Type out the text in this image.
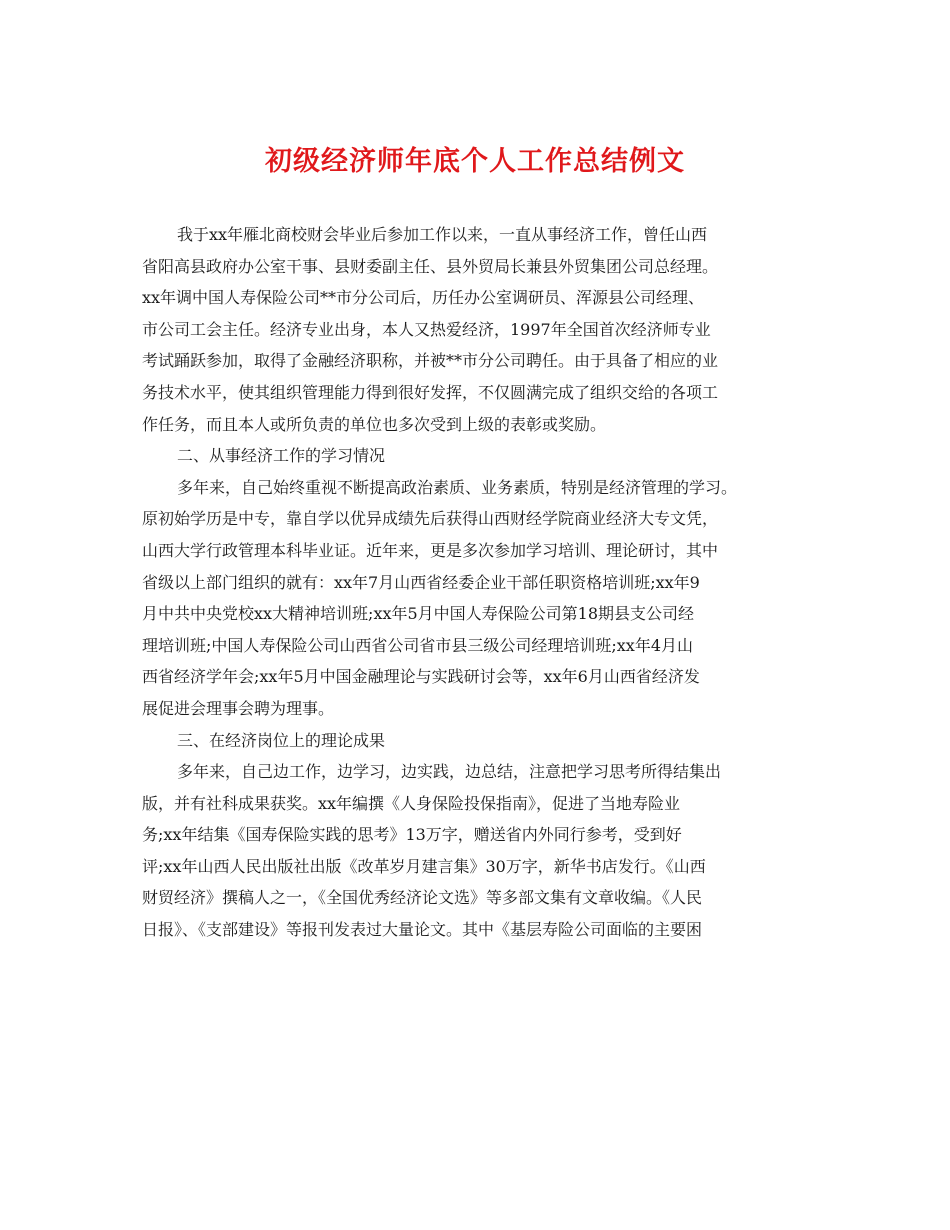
初级经济师年底个人工作总结例文
我于xx年雁北商校财会毕业后参加工作以来，一直从事经济工作，曾任山西
省阳高县政府办公室干事、县财委副主任、县外贸局长兼县外贸集团公司总经理。
xx年调中国人寿保险公司**市分公司后，历任办公室调研员、浑源县公司经理、
市公司工会主任。经济专业出身，本人又热爱经济，1997年全国首次经济师专业
考试踊跃参加，取得了金融经济职称，并被**市分公司聘任。由于具备了相应的业
务技术水平，使其组织管理能力得到很好发挥，不仅圆满完成了组织交给的各项工
作任务，而且本人或所负责的单位也多次受到上级的表彰或奖励。
二、从事经济工作的学习情况
多年来，自己始终重视不断提高政治素质、业务素质，特别是经济管理的学习。
原初始学历是中专，靠自学以优异成绩先后获得山西财经学院商业经济大专文凭，
山西大学行政管理本科毕业证。近年来，更是多次参加学习培训、理论研讨，其中
省级以上部门组织的就有：xx年7月山西省经委企业干部任职资格培训班;xx年9
月中共中央党校xx大精神培训班;xx年5月中国人寿保险公司第18期县支公司经
理培训班;中国人寿保险公司山西省公司省市县三级公司经理培训班;xx年4月山
西省经济学年会;xx年5月中国金融理论与实践研讨会等，xx年6月山西省经济发
展促进会理事会聘为理事。
三、在经济岗位上的理论成果
多年来，自己边工作，边学习，边实践，边总结，注意把学习思考所得结集出
版，并有社科成果获奖。xx年编撰《人身保险投保指南》，促进了当地寿险业
务;xx年结集《国寿保险实践的思考》13万字，赠送省内外同行参考，受到好
评;xx年山西人民出版社出版《改革岁月建言集》30万字，新华书店发行。《山西
财贸经济》撰稿人之一，《全国优秀经济论文选》等多部文集有文章收编。《人民
日报》、《支部建设》等报刊发表过大量论文。其中《基层寿险公司面临的主要困
